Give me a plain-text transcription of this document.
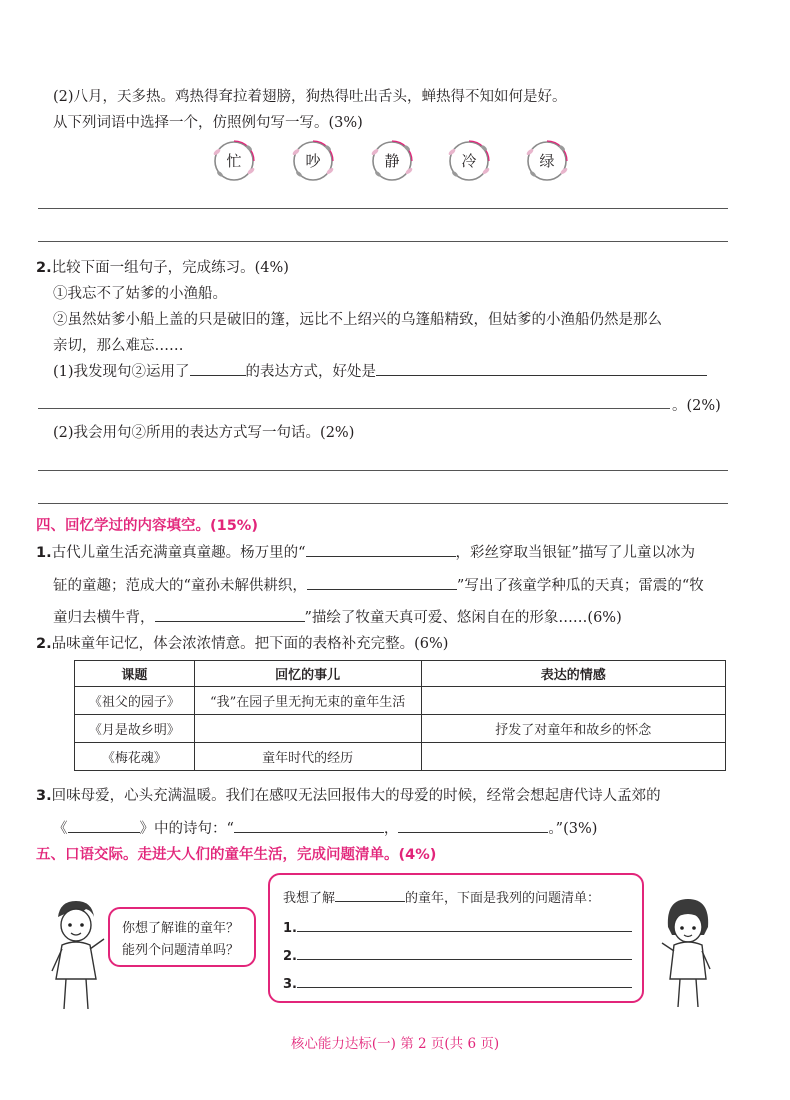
(2)八月，天多热。鸡热得耷拉着翅膀，狗热得吐出舌头，蝉热得不知如何是好。
从下列词语中选择一个，仿照例句写一写。(3%)
忙	吵	静	冷	绿
2.比较下面一组句子，完成练习。(4%)
①我忘不了姑爹的小渔船。
②虽然姑爹小船上盖的只是破旧的篷，远比不上绍兴的乌篷船精致，但姑爹的小渔船仍然是那么
亲切，那么难忘……
(1)我发现句②运用了	的表达方式，好处是
。(2%)
(2)我会用句②所用的表达方式写一句话。(2%)
四、回忆学过的内容填空。(15%)
1.古代儿童生活充满童真童趣。杨万里的“	，彩丝穿取当银钲”描写了儿童以冰为
钲的童趣；范成大的“童孙未解供耕织，	”写出了孩童学种瓜的天真；雷震的“牧
童归去横牛背，	”描绘了牧童天真可爱、悠闲自在的形象……(6%)
2.品味童年记忆，体会浓浓情意。把下面的表格补充完整。(6%)
课题	回忆的事儿	表达的情感
《祖父的园子》	“我”在园子里无拘无束的童年生活	
《月是故乡明》		抒发了对童年和故乡的怀念
《梅花魂》	童年时代的经历	
3.回味母爱，心头充满温暖。我们在感叹无法回报伟大的母爱的时候，经常会想起唐代诗人孟郊的
《	》中的诗句：“	，	。”(3%)
五、口语交际。走进大人们的童年生活，完成问题清单。(4%)
你想了解谁的童年？
能列个问题清单吗？
我想了解	的童年，下面是我列的问题清单：
1.
2.
3.
核心能力达标(一) 第 2 页(共 6 页)
